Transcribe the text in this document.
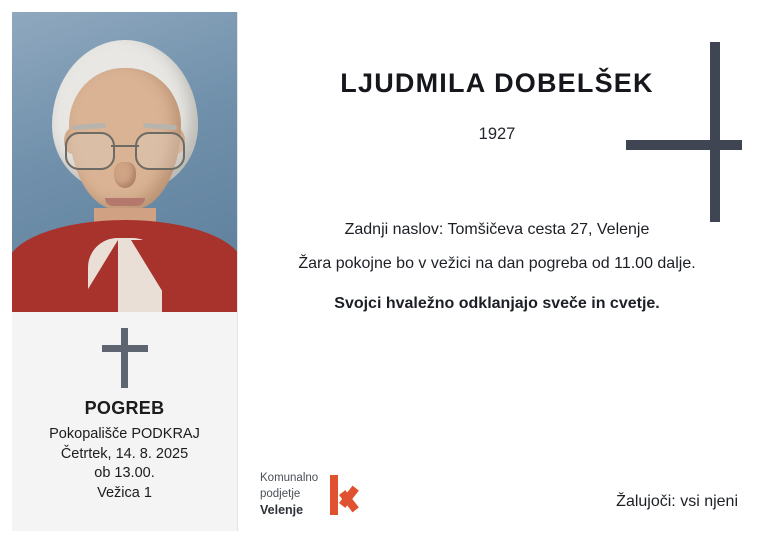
POGREB
Pokopališče PODKRAJ
Četrtek, 14. 8. 2025
ob 13.00.
Vežica 1
LJUDMILA DOBELŠEK
1927
Zadnji naslov: Tomšičeva cesta 27, Velenje
Žara pokojne bo v vežici na dan pogreba od 11.00 dalje.
Svojci hvaležno odklanjajo sveče in cvetje.
Komunalno
podjetje
Velenje
Žalujoči: vsi njeni
